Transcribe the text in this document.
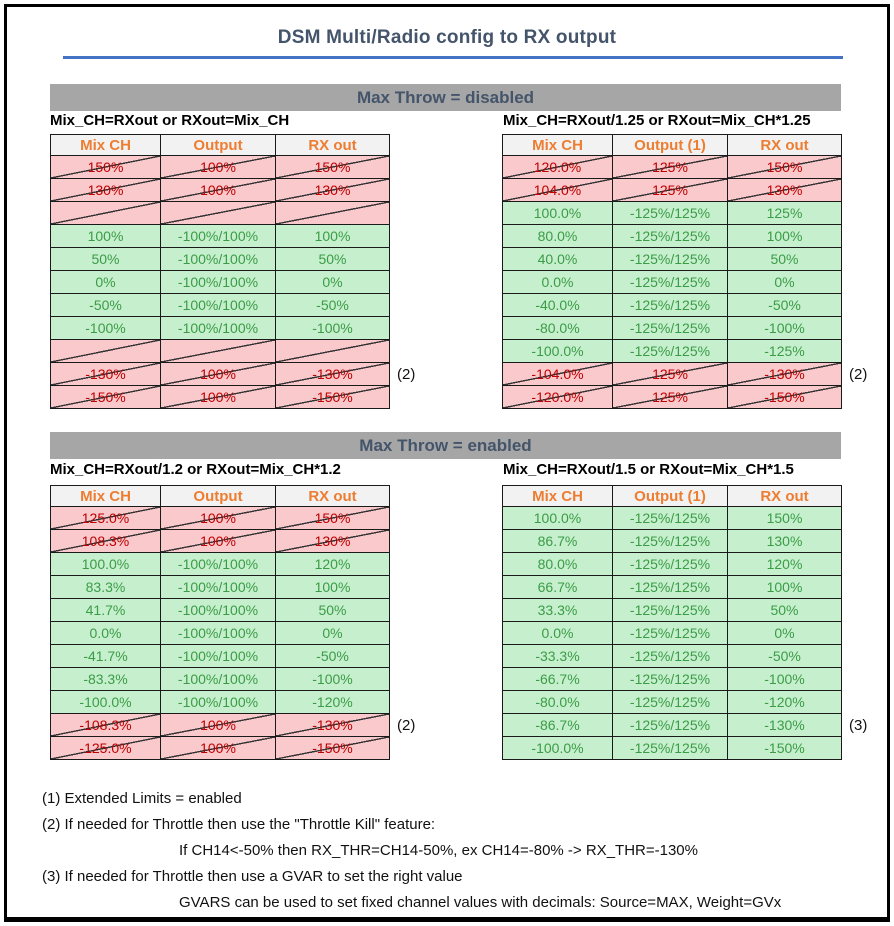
DSM Multi/Radio config to RX output
Max Throw = disabled
Mix_CH=RXout or RXout=Mix_CH	Mix_CH=RXout/1.25 or RXout=Mix_CH*1.25
Mix CH	Output	RX out
150%	100%	150%
130%	100%	130%
100%	-100%/100%	100%
50%	-100%/100%	50%
0%	-100%/100%	0%
-50%	-100%/100%	-50%
-100%	-100%/100%	-100%
-130%	100%	-130%	(2)
-150%	100%	-150%
Mix CH	Output (1)	RX out
120.0%	125%	150%
104.0%	125%	130%
100.0%	-125%/125%	125%
80.0%	-125%/125%	100%
40.0%	-125%/125%	50%
0.0%	-125%/125%	0%
-40.0%	-125%/125%	-50%
-80.0%	-125%/125%	-100%
-100.0%	-125%/125%	-125%
-104.0%	125%	-130%	(2)
-120.0%	125%	-150%
Max Throw = enabled
Mix_CH=RXout/1.2 or RXout=Mix_CH*1.2	Mix_CH=RXout/1.5 or RXout=Mix_CH*1.5
Mix CH	Output	RX out
125.0%	100%	150%
108.3%	100%	130%
100.0%	-100%/100%	120%
83.3%	-100%/100%	100%
41.7%	-100%/100%	50%
0.0%	-100%/100%	0%
-41.7%	-100%/100%	-50%
-83.3%	-100%/100%	-100%
-100.0%	-100%/100%	-120%
-108.3%	100%	-130%	(2)
-125.0%	100%	-150%
Mix CH	Output (1)	RX out
100.0%	-125%/125%	150%
86.7%	-125%/125%	130%
80.0%	-125%/125%	120%
66.7%	-125%/125%	100%
33.3%	-125%/125%	50%
0.0%	-125%/125%	0%
-33.3%	-125%/125%	-50%
-66.7%	-125%/125%	-100%
-80.0%	-125%/125%	-120%
-86.7%	-125%/125%	-130%	(3)
-100.0%	-125%/125%	-150%
(1) Extended Limits = enabled
(2) If needed for Throttle then use the "Throttle Kill" feature:
If CH14<-50% then RX_THR=CH14-50%, ex CH14=-80% -> RX_THR=-130%
(3) If needed for Throttle then use a GVAR to set the right value
GVARS can be used to set fixed channel values with decimals: Source=MAX, Weight=GVx
